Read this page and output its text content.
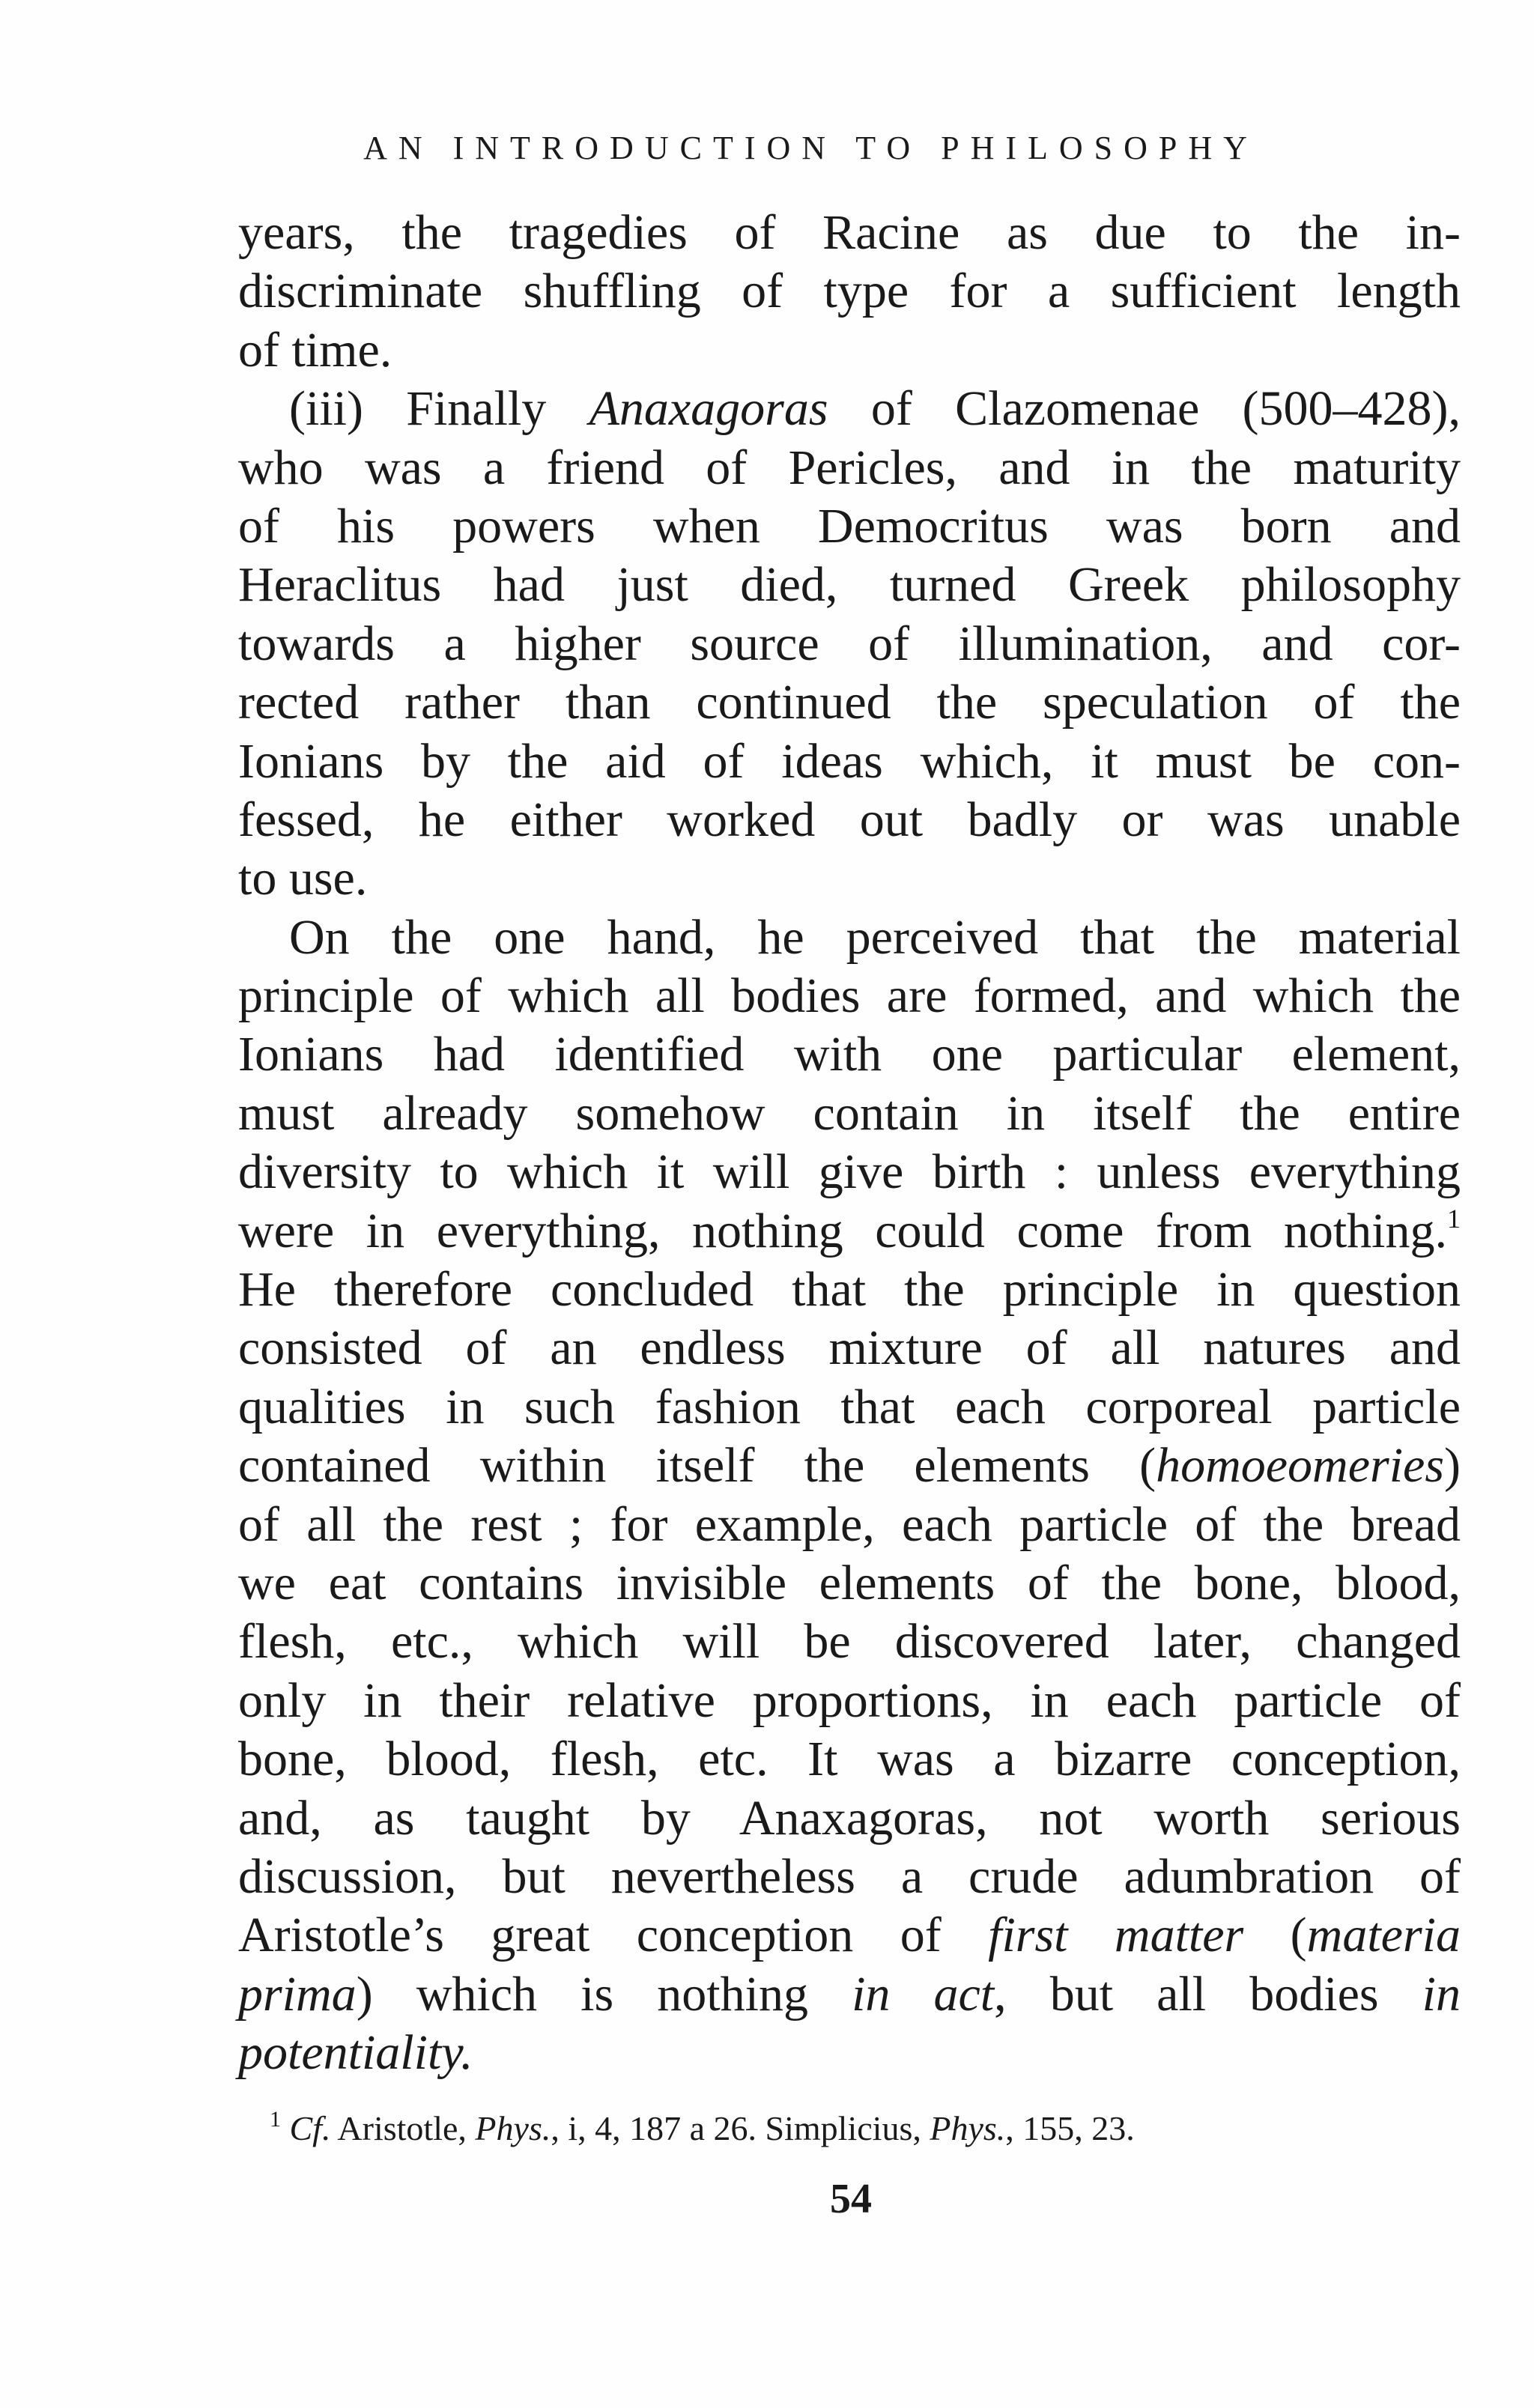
AN INTRODUCTION TO PHILOSOPHY
years, the tragedies of Racine as due to the in-
discriminate shuffling of type for a sufficient length
of time.
(iii) Finally Anaxagoras of Clazomenae (500–428),
who was a friend of Pericles, and in the maturity
of his powers when Democritus was born and
Heraclitus had just died, turned Greek philosophy
towards a higher source of illumination, and cor-
rected rather than continued the speculation of the
Ionians by the aid of ideas which, it must be con-
fessed, he either worked out badly or was unable
to use.
On the one hand, he perceived that the material
principle of which all bodies are formed, and which the
Ionians had identified with one particular element,
must already somehow contain in itself the entire
diversity to which it will give birth : unless everything
were in everything, nothing could come from nothing.$^1$
He therefore concluded that the principle in question
consisted of an endless mixture of all natures and
qualities in such fashion that each corporeal particle
contained within itself the elements (homoeomeries)
of all the rest ; for example, each particle of the bread
we eat contains invisible elements of the bone, blood,
flesh, etc., which will be discovered later, changed
only in their relative proportions, in each particle of
bone, blood, flesh, etc. It was a bizarre conception,
and, as taught by Anaxagoras, not worth serious
discussion, but nevertheless a crude adumbration of
Aristotle’s great conception of first matter (materia
prima) which is nothing in act, but all bodies in
potentiality.
$^1$ Cf. Aristotle, Phys., i, 4, 187 a 26. Simplicius, Phys., 155, 23.
54
